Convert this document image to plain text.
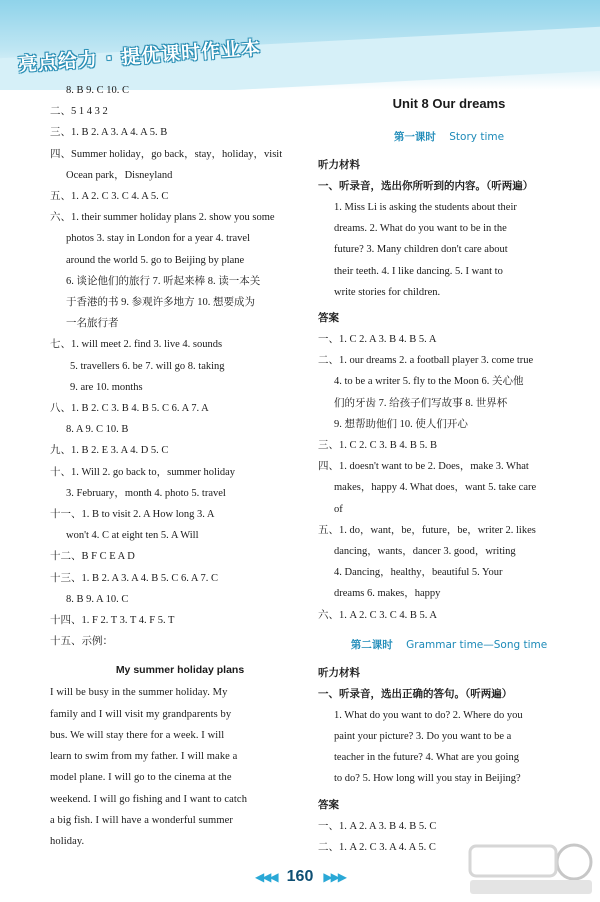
亮点给力 · 提优课时作业本
8. B 9. C 10. C
二、5 1 4 3 2
三、1. B 2. A 3. A 4. A 5. B
四、Summer holiday，go back，stay，holiday，visit
Ocean park，Disneyland
五、1. A 2. C 3. C 4. A 5. C
六、1. their summer holiday plans 2. show you some
photos 3. stay in London for a year 4. travel
around the world 5. go to Beijing by plane
6. 谈论他们的旅行 7. 听起来棒 8. 读一本关
于香港的书 9. 参观许多地方 10. 想要成为
一名旅行者
七、1. will meet 2. find 3. live 4. sounds
5. travellers 6. be 7. will go 8. taking
9. are 10. months
八、1. B 2. C 3. B 4. B 5. C 6. A 7. A
8. A 9. C 10. B
九、1. B 2. E 3. A 4. D 5. C
十、1. Will 2. go back to，summer holiday
3. February，month 4. photo 5. travel
十一、1. B to visit 2. A How long 3. A
won't 4. C at eight ten 5. A Will
十二、B F C E A D
十三、1. B 2. A 3. A 4. B 5. C 6. A 7. C
8. B 9. A 10. C
十四、1. F 2. T 3. T 4. F 5. T
十五、示例：
My summer holiday plans
I will be busy in the summer holiday. My
family and I will visit my grandparents by
bus. We will stay there for a week. I will
learn to swim from my father. I will make a
model plane. I will go to the cinema at the
weekend. I will go fishing and I want to catch
a big fish. I will have a wonderful summer
holiday.
Unit 8 Our dreams
第一课时 Story time
听力材料
一、听录音，选出你所听到的内容。（听两遍）
1. Miss Li is asking the students about their
dreams. 2. What do you want to be in the
future? 3. Many children don't care about
their teeth. 4. I like dancing. 5. I want to
write stories for children.
答案
一、1. C 2. A 3. B 4. B 5. A
二、1. our dreams 2. a football player 3. come true
4. to be a writer 5. fly to the Moon 6. 关心他
们的牙齿 7. 给孩子们写故事 8. 世界杯
9. 想帮助他们 10. 使人们开心
三、1. C 2. C 3. B 4. B 5. B
四、1. doesn't want to be 2. Does，make 3. What
makes，happy 4. What does，want 5. take care
of
五、1. do，want，be，future，be，writer 2. likes
dancing，wants，dancer 3. good，writing
4. Dancing，healthy，beautiful 5. Your
dreams 6. makes，happy
六、1. A 2. C 3. C 4. B 5. A
第二课时 Grammar time—Song time
听力材料
一、听录音，选出正确的答句。（听两遍）
1. What do you want to do? 2. Where do you
paint your picture? 3. Do you want to be a
teacher in the future? 4. What are you going
to do? 5. How long will you stay in Beijing?
答案
一、1. A 2. A 3. B 4. B 5. C
二、1. A 2. C 3. A 4. A 5. C
◀◀◀ 160 ▶▶▶
